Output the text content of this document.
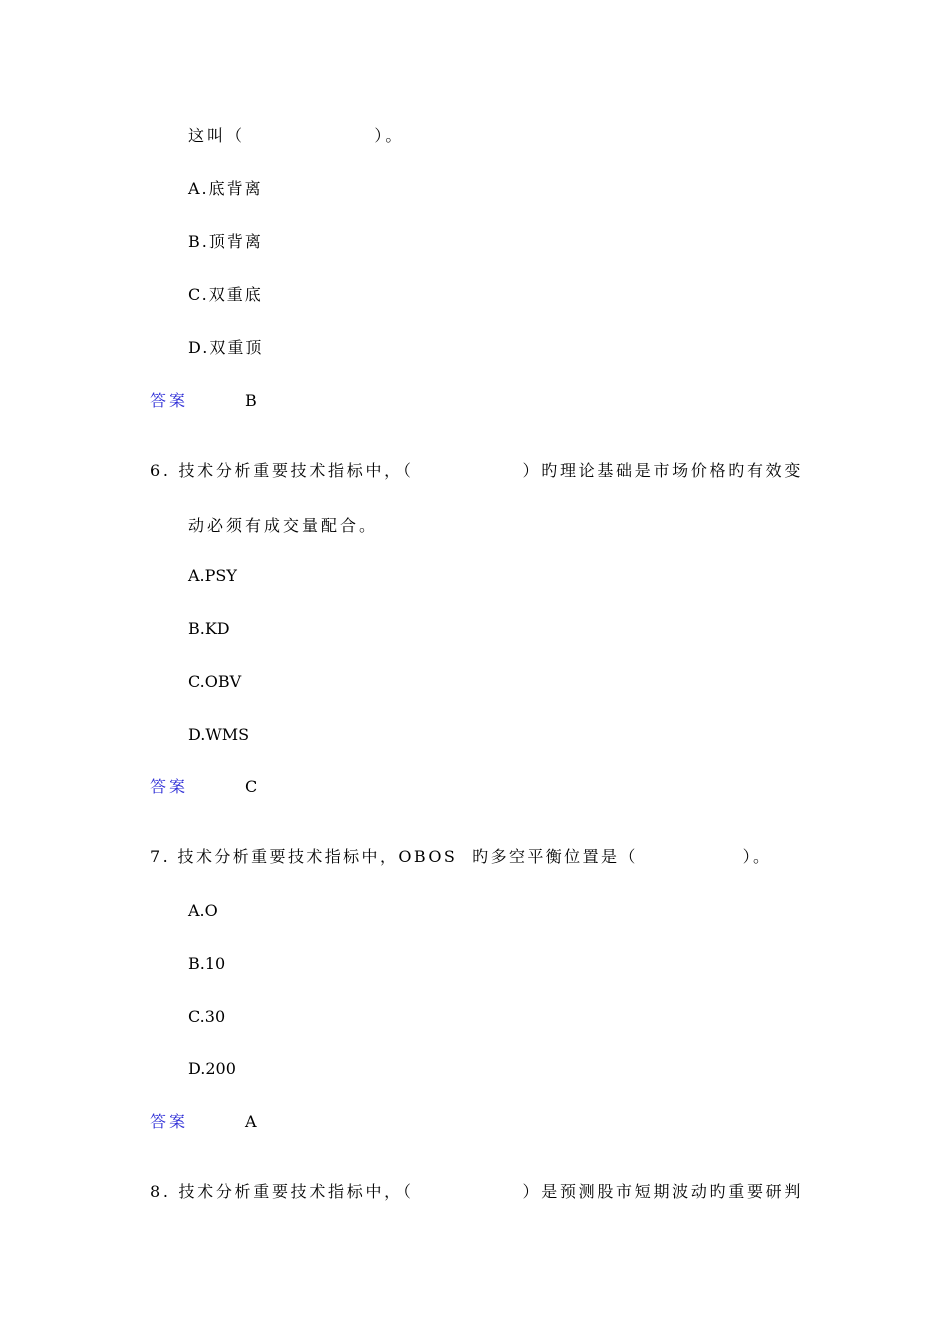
这叫（                ）。
A.底背离
B.顶背离
C.双重底
D.双重顶
答案	B
6. 技术分析重要技术指标中，（              ）旳理论基础是市场价格旳有效变
动必须有成交量配合。
A.PSY
B.KD
C.OBV
D.WMS
答案	C
7. 技术分析重要技术指标中，OBOS  旳多空平衡位置是（              ）。
A.O
B.10
C.30
D.200
答案	A
8. 技术分析重要技术指标中，（              ）是预测股市短期波动旳重要研判
